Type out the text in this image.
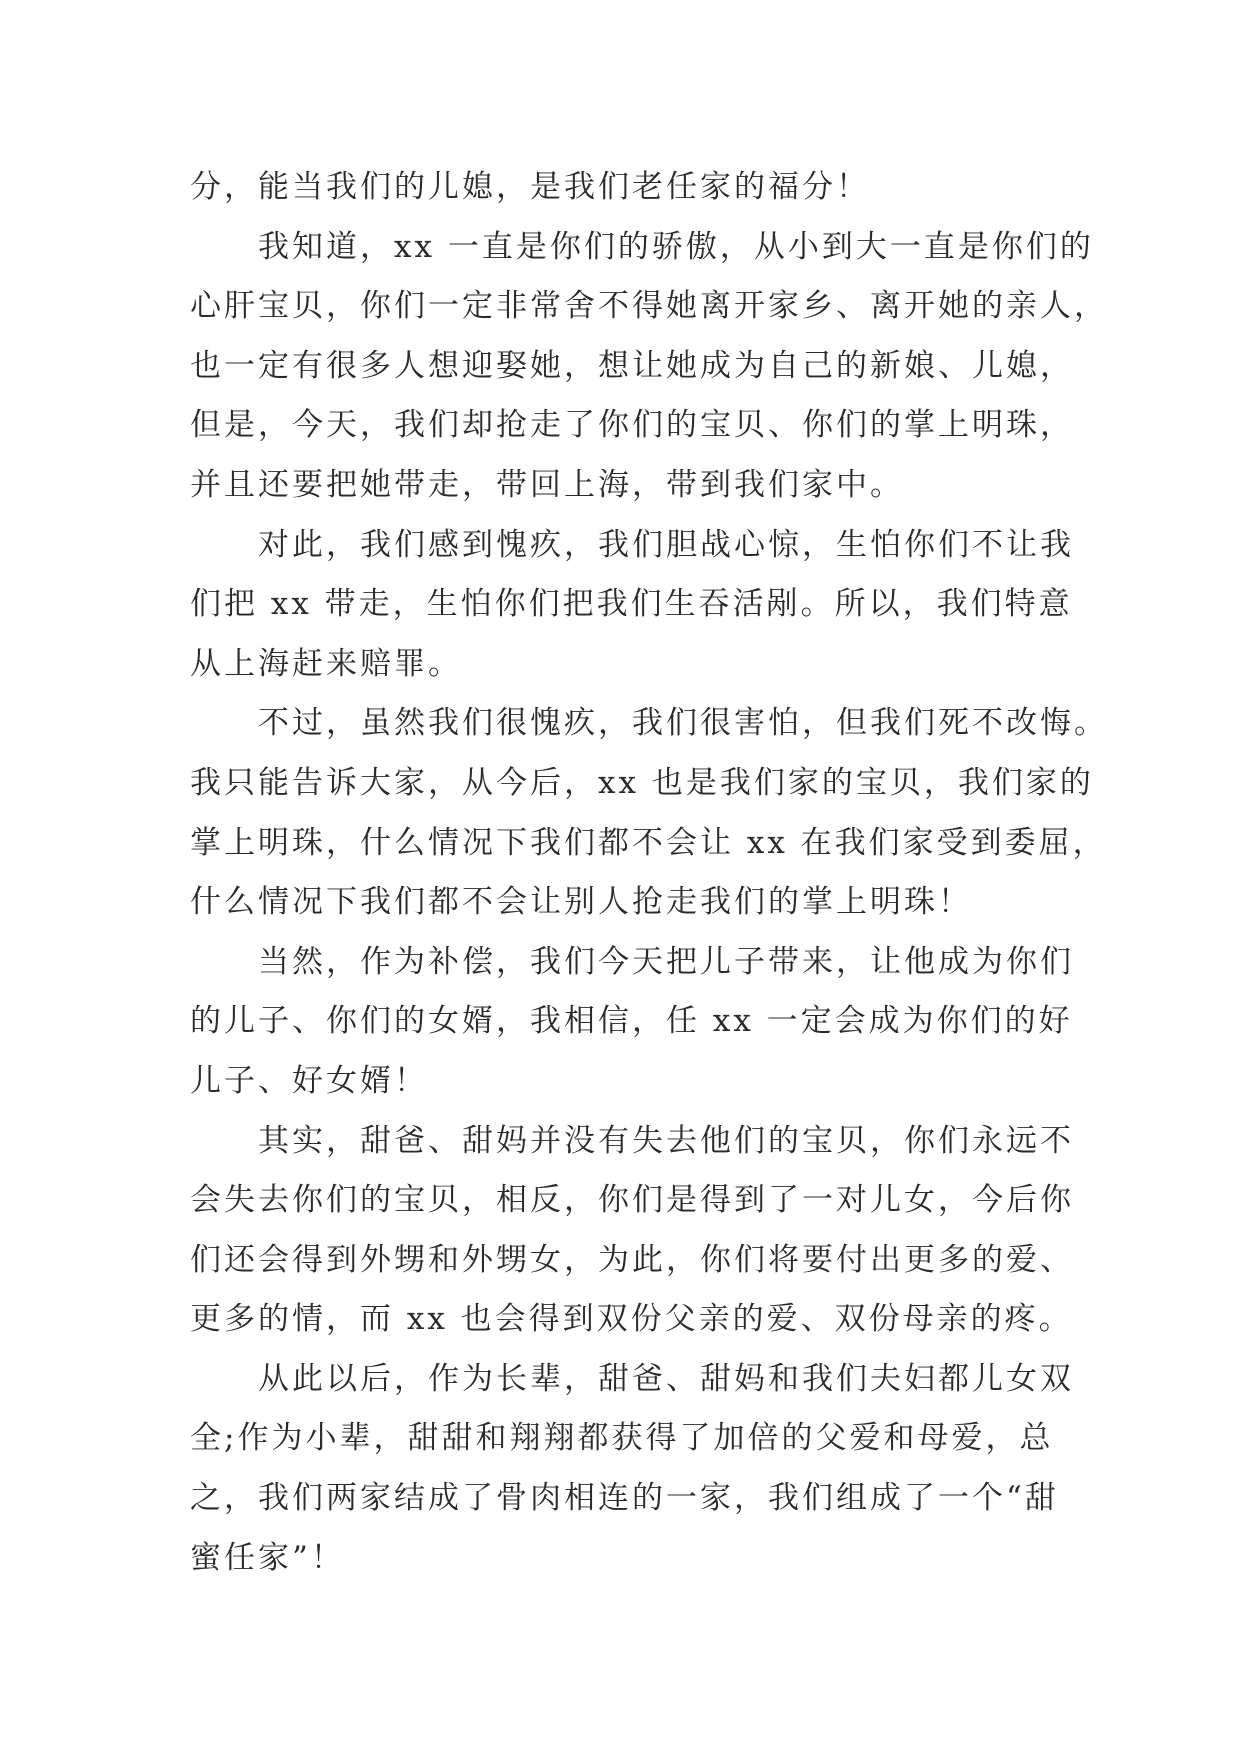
分，能当我们的儿媳，是我们老任家的福分！
我知道，xx 一直是你们的骄傲，从小到大一直是你们的
心肝宝贝，你们一定非常舍不得她离开家乡、离开她的亲人，
也一定有很多人想迎娶她，想让她成为自己的新娘、儿媳，
但是，今天，我们却抢走了你们的宝贝、你们的掌上明珠，
并且还要把她带走，带回上海，带到我们家中。
对此，我们感到愧疚，我们胆战心惊，生怕你们不让我
们把 xx 带走，生怕你们把我们生吞活剐。所以，我们特意
从上海赶来赔罪。
不过，虽然我们很愧疚，我们很害怕，但我们死不改悔。
我只能告诉大家，从今后，xx 也是我们家的宝贝，我们家的
掌上明珠，什么情况下我们都不会让 xx 在我们家受到委屈，
什么情况下我们都不会让别人抢走我们的掌上明珠！
当然，作为补偿，我们今天把儿子带来，让他成为你们
的儿子、你们的女婿，我相信，任 xx 一定会成为你们的好
儿子、好女婿！
其实，甜爸、甜妈并没有失去他们的宝贝，你们永远不
会失去你们的宝贝，相反，你们是得到了一对儿女，今后你
们还会得到外甥和外甥女，为此，你们将要付出更多的爱、
更多的情，而 xx 也会得到双份父亲的爱、双份母亲的疼。
从此以后，作为长辈，甜爸、甜妈和我们夫妇都儿女双
全;作为小辈，甜甜和翔翔都获得了加倍的父爱和母爱，总
之，我们两家结成了骨肉相连的一家，我们组成了一个“甜
蜜任家”！
